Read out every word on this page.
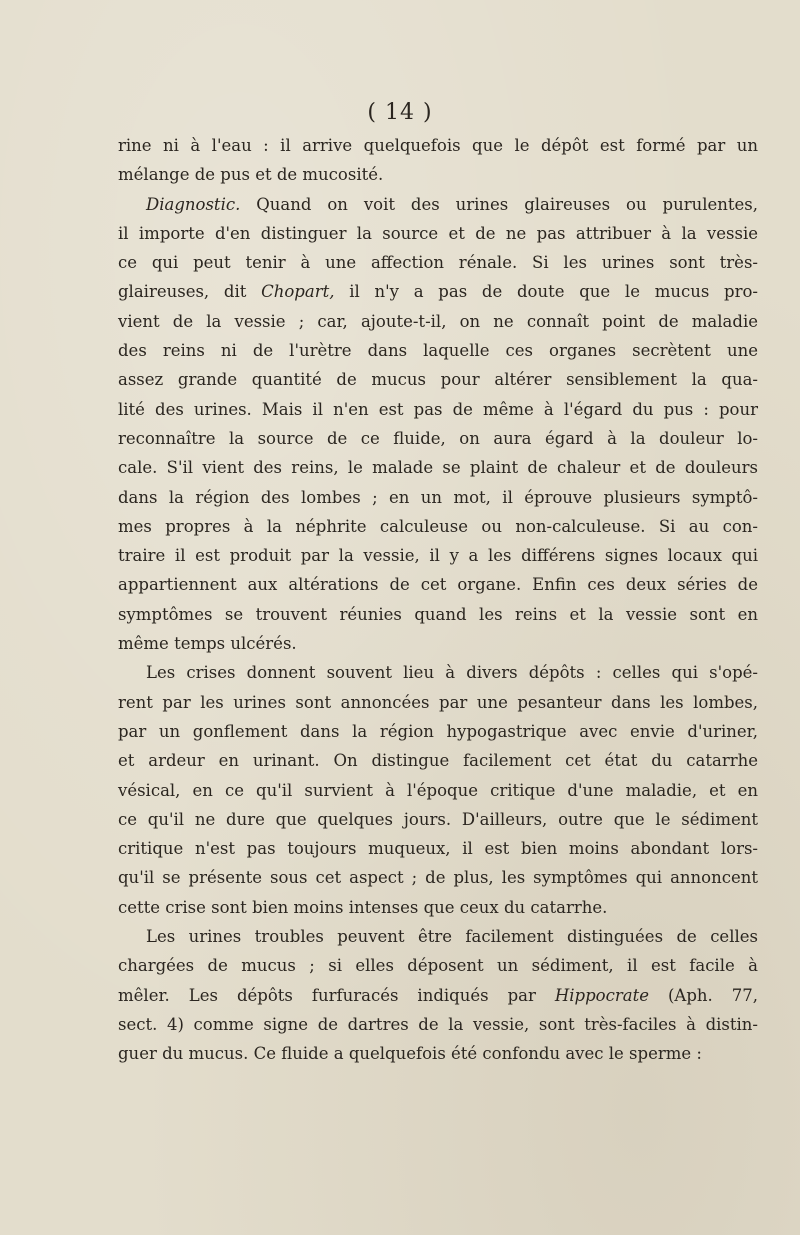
( 14 )
rine ni à l'eau : il arrive quelquefois que le dépôt est formé par un
mélange de pus et de mucosité.
Diagnostic. Quand on voit des urines glaireuses ou purulentes,
il importe d'en distinguer la source et de ne pas attribuer à la vessie
ce qui peut tenir à une affection rénale. Si les urines sont très-
glaireuses, dit Chopart, il n'y a pas de doute que le mucus pro-
vient de la vessie ; car, ajoute-t-il, on ne connaît point de maladie
des reins ni de l'urètre dans laquelle ces organes secrètent une
assez grande quantité de mucus pour altérer sensiblement la qua-
lité des urines. Mais il n'en est pas de même à l'égard du pus : pour
reconnaître la source de ce fluide, on aura égard à la douleur lo-
cale. S'il vient des reins, le malade se plaint de chaleur et de douleurs
dans la région des lombes ; en un mot, il éprouve plusieurs symptô-
mes propres à la néphrite calculeuse ou non-calculeuse. Si au con-
traire il est produit par la vessie, il y a les différens signes locaux qui
appartiennent aux altérations de cet organe. Enfin ces deux séries de
symptômes se trouvent réunies quand les reins et la vessie sont en
même temps ulcérés.
Les crises donnent souvent lieu à divers dépôts : celles qui s'opé-
rent par les urines sont annoncées par une pesanteur dans les lombes,
par un gonflement dans la région hypogastrique avec envie d'uriner,
et ardeur en urinant. On distingue facilement cet état du catarrhe
vésical, en ce qu'il survient à l'époque critique d'une maladie, et en
ce qu'il ne dure que quelques jours. D'ailleurs, outre que le sédiment
critique n'est pas toujours muqueux, il est bien moins abondant lors-
qu'il se présente sous cet aspect ; de plus, les symptômes qui annoncent
cette crise sont bien moins intenses que ceux du catarrhe.
Les urines troubles peuvent être facilement distinguées de celles
chargées de mucus ; si elles déposent un sédiment, il est facile à
mêler. Les dépôts furfuracés indiqués par Hippocrate (Aph. 77,
sect. 4) comme signe de dartres de la vessie, sont très-faciles à distin-
guer du mucus. Ce fluide a quelquefois été confondu avec le sperme :
